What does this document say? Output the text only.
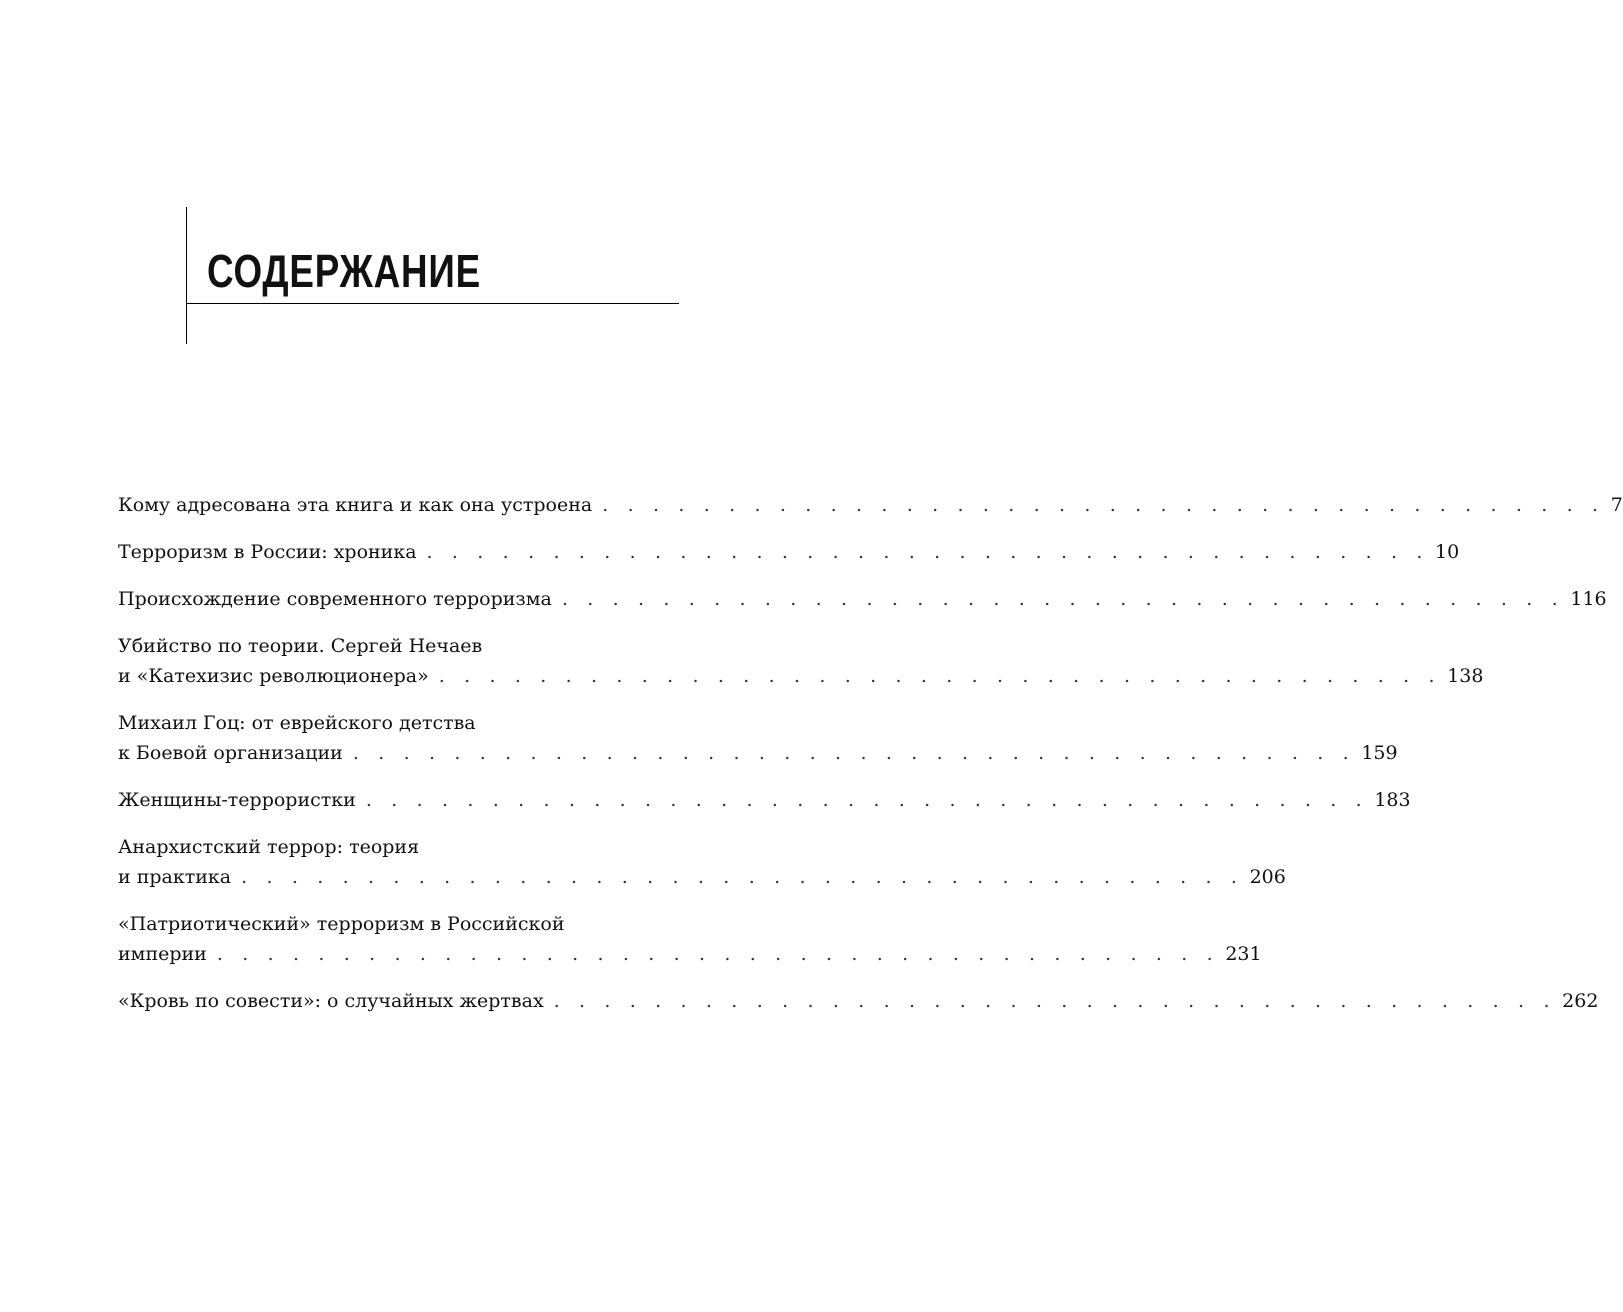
СОДЕРЖАНИЕ
Кому адресована эта книга и как она устроена . . . . . . . . . . . . . . . . . . . . . . . . . . . . . . . . . . . . . . . . 7
Терроризм в России: хроника . . . . . . . . . . . . . . . . . . . . . . . . . . . . . . . . . . . . . . . . 10
Происхождение современного терроризма . . . . . . . . . . . . . . . . . . . . . . . . . . . . . . . . . . . . . . . . 116
Убийство по теории. Сергей Нечаев
и «Катехизис революционера» . . . . . . . . . . . . . . . . . . . . . . . . . . . . . . . . . . . . . . . . 138
Михаил Гоц: от еврейского детства
к Боевой организации . . . . . . . . . . . . . . . . . . . . . . . . . . . . . . . . . . . . . . . . 159
Женщины-террористки . . . . . . . . . . . . . . . . . . . . . . . . . . . . . . . . . . . . . . . . 183
Анархистский террор: теория
и практика . . . . . . . . . . . . . . . . . . . . . . . . . . . . . . . . . . . . . . . . 206
«Патриотический» терроризм в Российской
империи . . . . . . . . . . . . . . . . . . . . . . . . . . . . . . . . . . . . . . . . 231
«Кровь по совести»: о случайных жертвах . . . . . . . . . . . . . . . . . . . . . . . . . . . . . . . . . . . . . . . . 262
